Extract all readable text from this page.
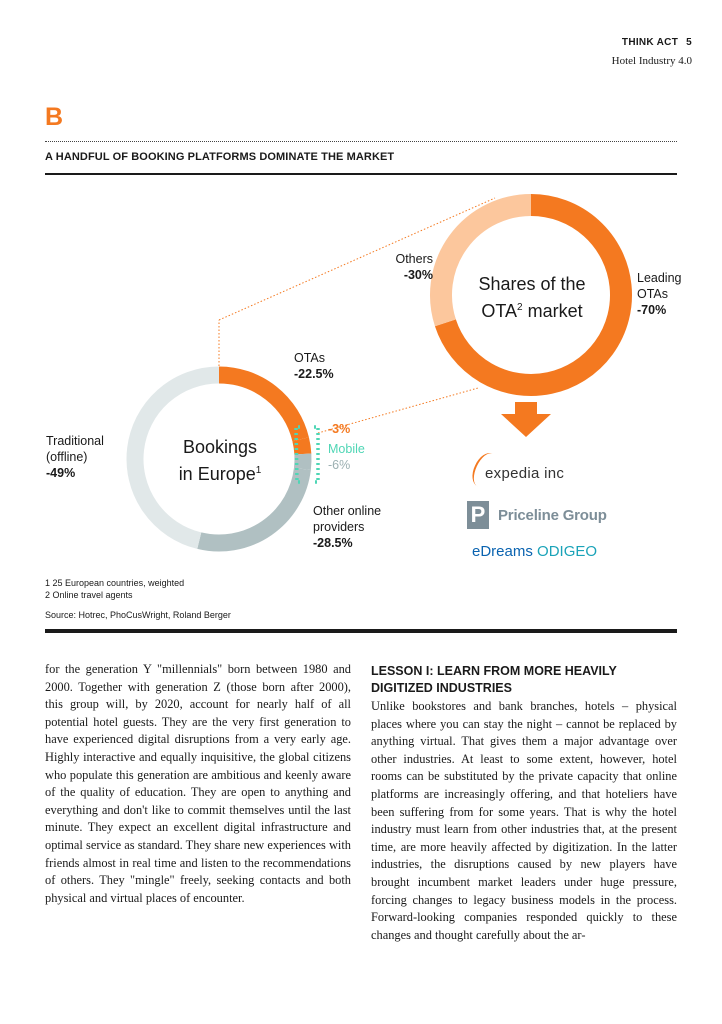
THINK ACT 5
Hotel Industry 4.0
B
A HANDFUL OF BOOKING PLATFORMS DOMINATE THE MARKET
OTAs
-22.5%
-3%
Mobile
-6%
Other online
providers
-28.5%
Traditional
(offline)
-49%
Bookings
in Europe$^1$
Others
-30%	Leading
OTAs
-70%
Shares of the
OTA$^2$ market
expedia inc
P Priceline Group
eDreams ODIGEO
1 25 European countries, weighted
2 Online travel agents
Source: Hotrec, PhoCusWright, Roland Berger
for the generation Y "millennials" born between 1980 and 2000. Together with generation Z (those born after 2000), this group will, by 2020, account for nearly half of all potential hotel guests. They are the very first generation to have experienced digital disruptions from a very early age. Highly interactive and equally inquisitive, the global citizens who populate this generation are ambitious and keenly aware of the quality of education. They are open to anything and everything and don't like to commit themselves until the last minute. They expect an excellent digital infrastructure and optimal service as standard. They share new experiences with friends almost in real time and listen to the recommendations of others. They "mingle" freely, seeking contacts and both physical and virtual places of encounter.
LESSON I: LEARN FROM MORE HEAVILY
DIGITIZED INDUSTRIES
Unlike bookstores and bank branches, hotels – physical places where you can stay the night – cannot be replaced by anything virtual. That gives them a major advantage over other industries. At least to some extent, however, hotel rooms can be substituted by the private capacity that online platforms are increasingly offering, and that hoteliers have been suffering from for some years. That is why the hotel industry must learn from other industries that, at the present time, are more heavily affected by digitization. In the latter industries, the disruptions caused by new players have brought incumbent market leaders under huge pressure, forcing changes to legacy business models in the process. Forward-looking companies responded quickly to these changes and thought carefully about the ar-
